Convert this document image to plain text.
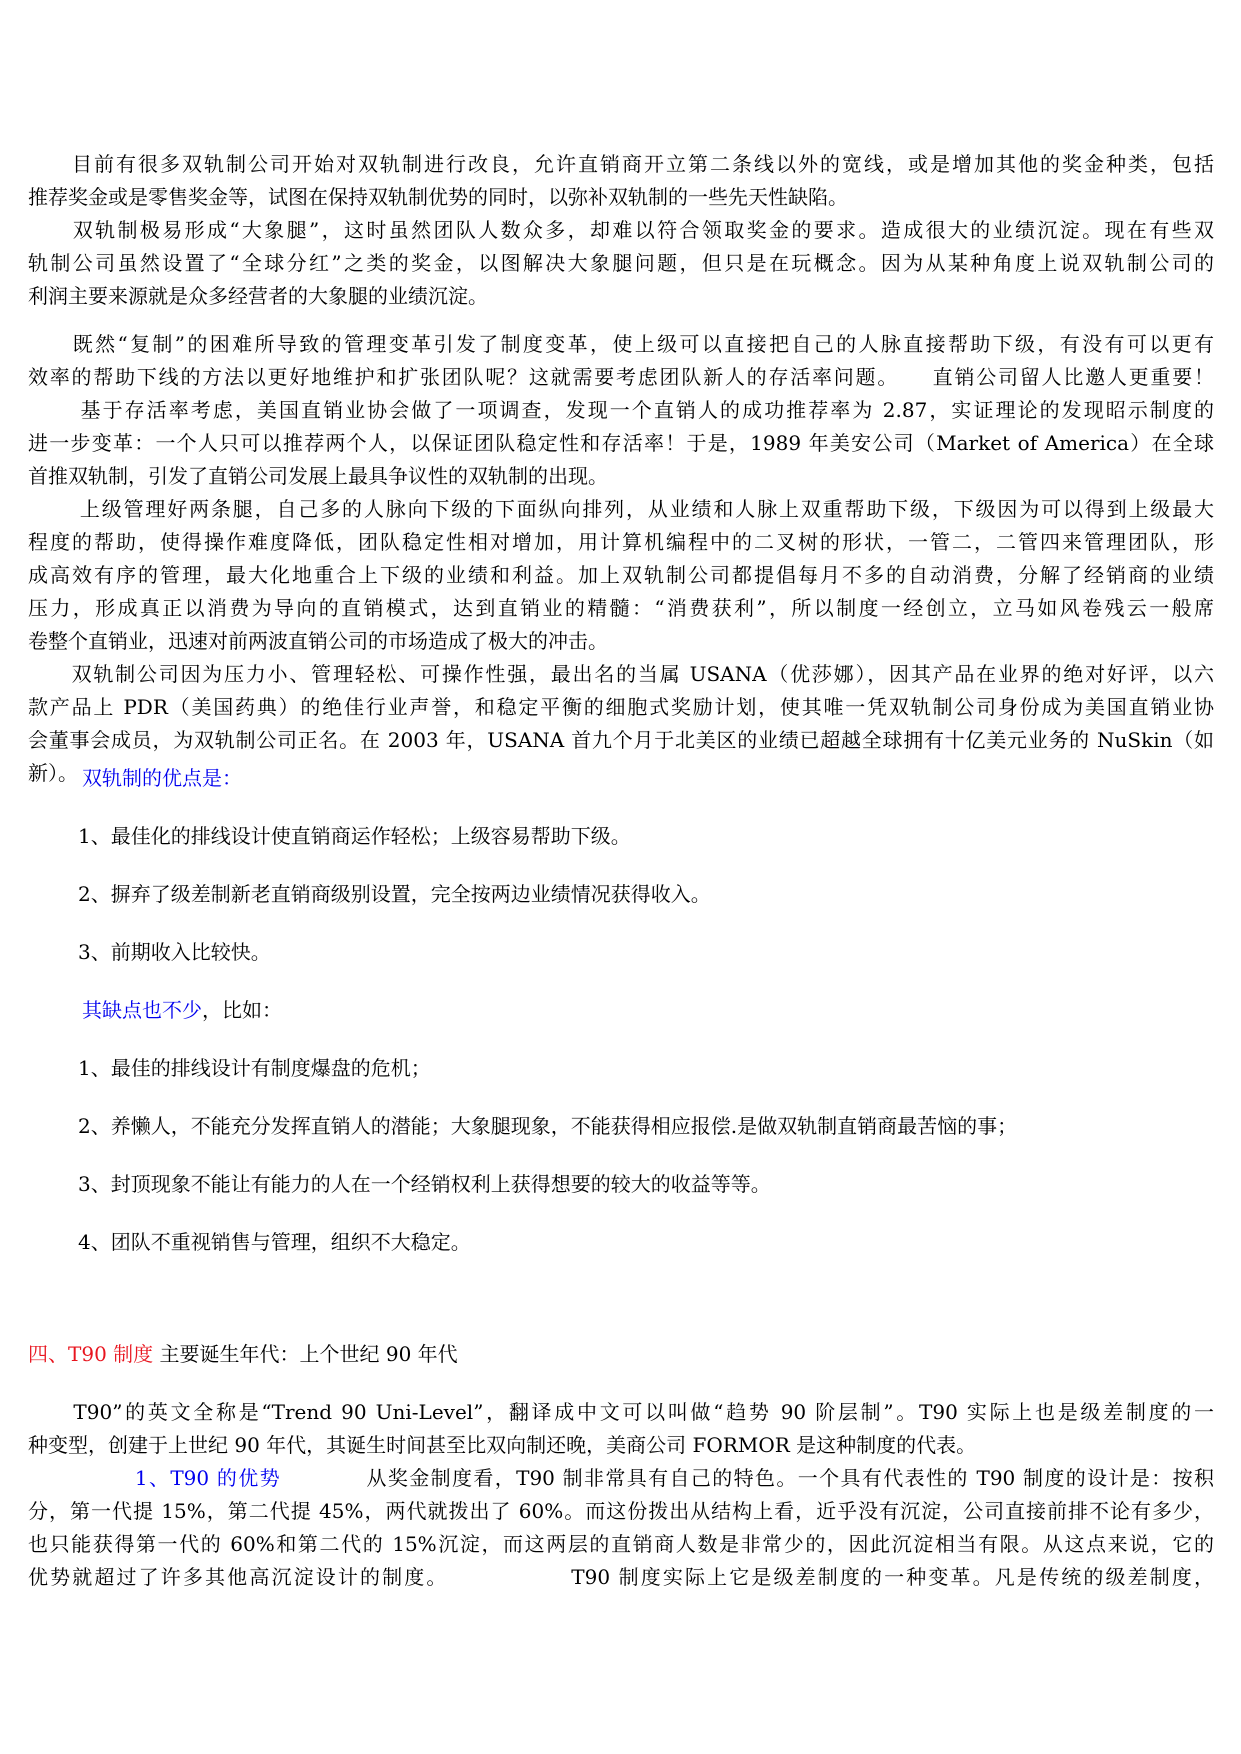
　　目前有很多双轨制公司开始对双轨制进行改良，允许直销商开立第二条线以外的宽线，或是增加其他的奖金种类，包括
推荐奖金或是零售奖金等，试图在保持双轨制优势的同时，以弥补双轨制的一些先天性缺陷。
　　双轨制极易形成“大象腿”，这时虽然团队人数众多，却难以符合领取奖金的要求。造成很大的业绩沉淀。现在有些双
轨制公司虽然设置了“全球分红”之类的奖金，以图解决大象腿问题，但只是在玩概念。因为从某种角度上说双轨制公司的
利润主要来源就是众多经营者的大象腿的业绩沉淀。
　　既然“复制”的困难所导致的管理变革引发了制度变革，使上级可以直接把自己的人脉直接帮助下级，有没有可以更有
效率的帮助下线的方法以更好地维护和扩张团队呢？这就需要考虑团队新人的存活率问题。　　直销公司留人比邀人更重要！
　　 基于存活率考虑，美国直销业协会做了一项调查，发现一个直销人的成功推荐率为 2.87，实证理论的发现昭示制度的
进一步变革：一个人只可以推荐两个人，以保证团队稳定性和存活率！于是，1989 年美安公司（Market of America）在全球
首推双轨制，引发了直销公司发展上最具争议性的双轨制的出现。
　　 上级管理好两条腿，自己多的人脉向下级的下面纵向排列，从业绩和人脉上双重帮助下级，下级因为可以得到上级最大
程度的帮助，使得操作难度降低，团队稳定性相对增加，用计算机编程中的二叉树的形状，一管二，二管四来管理团队，形
成高效有序的管理，最大化地重合上下级的业绩和利益。加上双轨制公司都提倡每月不多的自动消费，分解了经销商的业绩
压力，形成真正以消费为导向的直销模式，达到直销业的精髓：“消费获利”，所以制度一经创立，立马如风卷残云一般席
卷整个直销业，迅速对前两波直销公司的市场造成了极大的冲击。
　　双轨制公司因为压力小、管理轻松、可操作性强，最出名的当属 USANA（优莎娜），因其产品在业界的绝对好评，以六
款产品上 PDR（美国药典）的绝佳行业声誉，和稳定平衡的细胞式奖励计划，使其唯一凭双轨制公司身份成为美国直销业协
会董事会成员，为双轨制公司正名。在 2003 年，USANA 首九个月于北美区的业绩已超越全球拥有十亿美元业务的 NuSkin（如
新）。 双轨制的优点是：
1、最佳化的排线设计使直销商运作轻松；上级容易帮助下级。
2、摒弃了级差制新老直销商级别设置，完全按两边业绩情况获得收入。
3、前期收入比较快。
其缺点也不少，比如：
1、最佳的排线设计有制度爆盘的危机；
2、养懒人，不能充分发挥直销人的潜能；大象腿现象，不能获得相应报偿.是做双轨制直销商最苦恼的事；
3、封顶现象不能让有能力的人在一个经销权利上获得想要的较大的收益等等。
4、团队不重视销售与管理，组织不大稳定。
四、T90 制度 主要诞生年代：上个世纪 90 年代
　　T90”的英文全称是“Trend 90 Uni-Level”，翻译成中文可以叫做“趋势 90 阶层制”。T90 实际上也是级差制度的一
种变型，创建于上世纪 90 年代，其诞生时间甚至比双向制还晚，美商公司 FORMOR 是这种制度的代表。
　　　　　1、T90 的优势　　　　从奖金制度看，T90 制非常具有自己的特色。一个具有代表性的 T90 制度的设计是：按积
分，第一代提 15%，第二代提 45%，两代就拨出了 60%。而这份拨出从结构上看，近乎没有沉淀，公司直接前排不论有多少，
也只能获得第一代的 60%和第二代的 15%沉淀，而这两层的直销商人数是非常少的，因此沉淀相当有限。从这点来说，它的
优势就超过了许多其他高沉淀设计的制度。　　　　　　T90 制度实际上它是级差制度的一种变革。凡是传统的级差制度，
